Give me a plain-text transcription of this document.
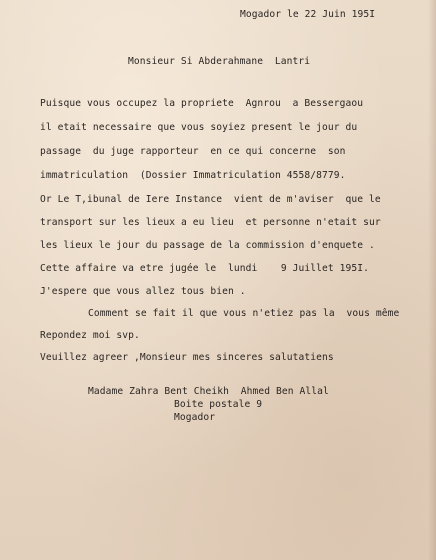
Mogador le 22 Juin 195I
Monsieur Si Abderahmane  Lantri
Puisque vous occupez la propriete  Agnrou  a Bessergaou
il etait necessaire que vous soyiez present le jour du
passage  du juge rapporteur  en ce qui concerne  son
immatriculation  (Dossier Immatriculation 4558/8779.
Or Le T,ibunal de Iere Instance  vient de m'aviser  que le
transport sur les lieux a eu lieu  et personne n'etait sur
les lieux le jour du passage de la commission d'enquete .
Cette affaire va etre jugée le  lundi    9 Juillet 195I.
J'espere que vous allez tous bien .
Comment se fait il que vous n'etiez pas la  vous même
Repondez moi svp.
Veuillez agreer ,Monsieur mes sinceres salutatiens
Madame Zahra Bent Cheikh  Ahmed Ben Allal
Boite postale 9
Mogador
